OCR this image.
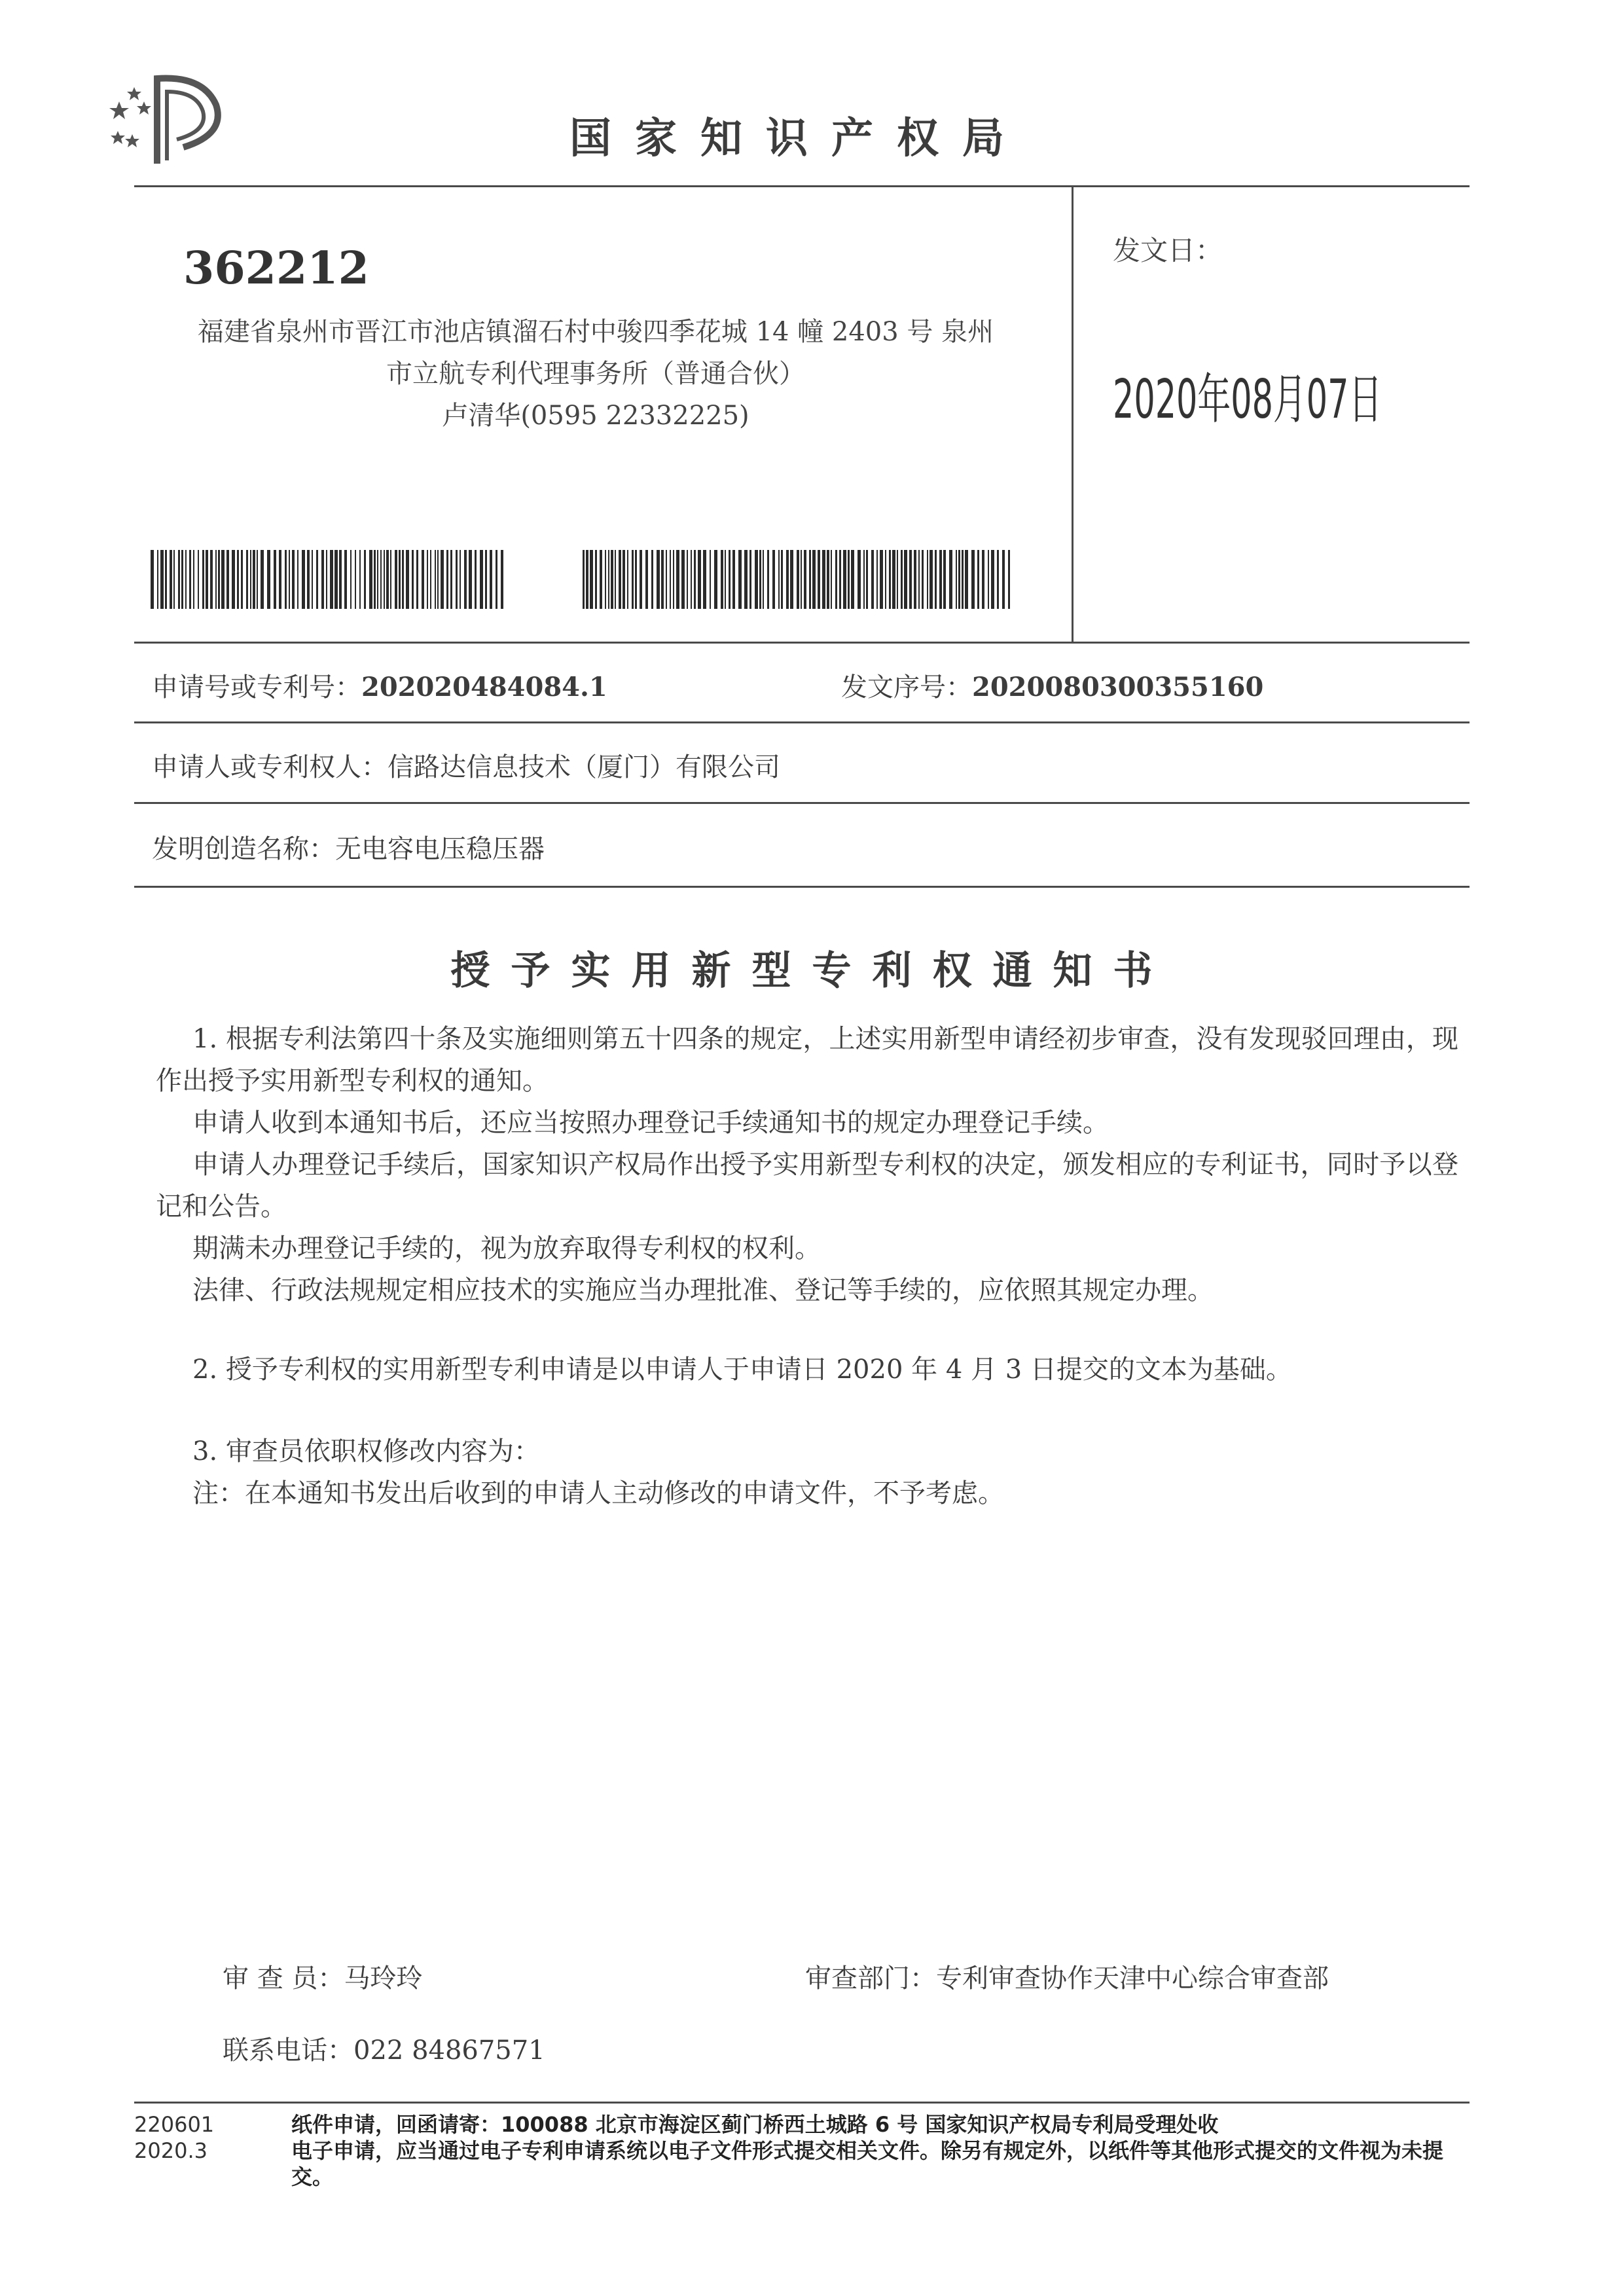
国家知识产权局
362212
福建省泉州市晋江市池店镇溜石村中骏四季花城 14 幢 2403 号 泉州
市立航专利代理事务所（普通合伙）
卢清华(0595 22332225)
发文日：
2020年08月07日
申请号或专利号：202020484084.1	发文序号：2020080300355160
申请人或专利权人：信路达信息技术（厦门）有限公司
发明创造名称：无电容电压稳压器
授予实用新型专利权通知书
1. 根据专利法第四十条及实施细则第五十四条的规定，上述实用新型申请经初步审查，没有发现驳回理由，现作出授予实用新型专利权的通知。
申请人收到本通知书后，还应当按照办理登记手续通知书的规定办理登记手续。
申请人办理登记手续后，国家知识产权局作出授予实用新型专利权的决定，颁发相应的专利证书，同时予以登记和公告。
期满未办理登记手续的，视为放弃取得专利权的权利。
法律、行政法规规定相应技术的实施应当办理批准、登记等手续的，应依照其规定办理。
2. 授予专利权的实用新型专利申请是以申请人于申请日 2020 年 4 月 3 日提交的文本为基础。
3. 审查员依职权修改内容为：
注：在本通知书发出后收到的申请人主动修改的申请文件，不予考虑。
审 查 员：马玲玲	审查部门：专利审查协作天津中心综合审查部
联系电话：022 84867571
220601
2020.3
纸件申请，回函请寄：100088 北京市海淀区蓟门桥西土城路 6 号 国家知识产权局专利局受理处收
电子申请，应当通过电子专利申请系统以电子文件形式提交相关文件。除另有规定外，以纸件等其他形式提交的文件视为未提交。
